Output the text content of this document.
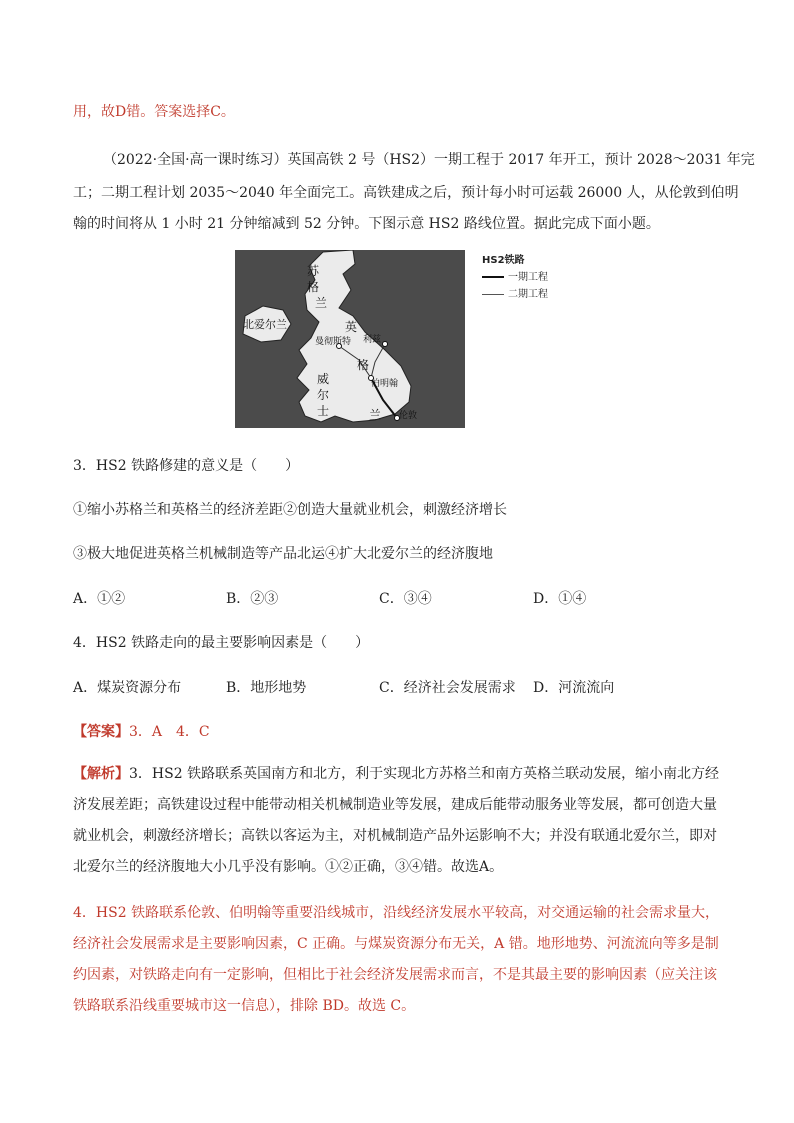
用，故D错。答案选择C。
（2022·全国·高一课时练习）英国高铁 2 号（HS2）一期工程于 2017 年开工，预计 2028～2031 年完
工；二期工程计划 2035～2040 年全面完工。高铁建成之后，预计每小时可运载 26000 人，从伦敦到伯明
翰的时间将从 1 小时 21 分钟缩减到 52 分钟。下图示意 HS2 路线位置。据此完成下面小题。
苏
格
兰
北爱尔兰	英
格
兰
威
尔
士
曼彻斯特 利兹
伯明翰
伦敦
HS2铁路
一期工程
二期工程
3．HS2 铁路修建的意义是（　　）
①缩小苏格兰和英格兰的经济差距②创造大量就业机会，刺激经济增长
③极大地促进英格兰机械制造等产品北运④扩大北爱尔兰的经济腹地
A．①②	B．②③	C．③④	D．①④
4．HS2 铁路走向的最主要影响因素是（　　）
A．煤炭资源分布	B．地形地势	C．经济社会发展需求 D．河流流向
【答案】3．A　4．C
【解析】3．HS2 铁路联系英国南方和北方，利于实现北方苏格兰和南方英格兰联动发展，缩小南北方经济发展差距；高铁建设过程中能带动相关机械制造业等发展，建成后能带动服务业等发展，都可创造大量就业机会，刺激经济增长；高铁以客运为主，对机械制造产品外运影响不大；并没有联通北爱尔兰，即对北爱尔兰的经济腹地大小几乎没有影响。①②正确，③④错。故选A。
4．HS2 铁路联系伦敦、伯明翰等重要沿线城市，沿线经济发展水平较高，对交通运输的社会需求量大，经济社会发展需求是主要影响因素，C 正确。与煤炭资源分布无关，A 错。地形地势、河流流向等多是制约因素，对铁路走向有一定影响，但相比于社会经济发展需求而言，不是其最主要的影响因素（应关注该铁路联系沿线重要城市这一信息），排除 BD。故选 C。
